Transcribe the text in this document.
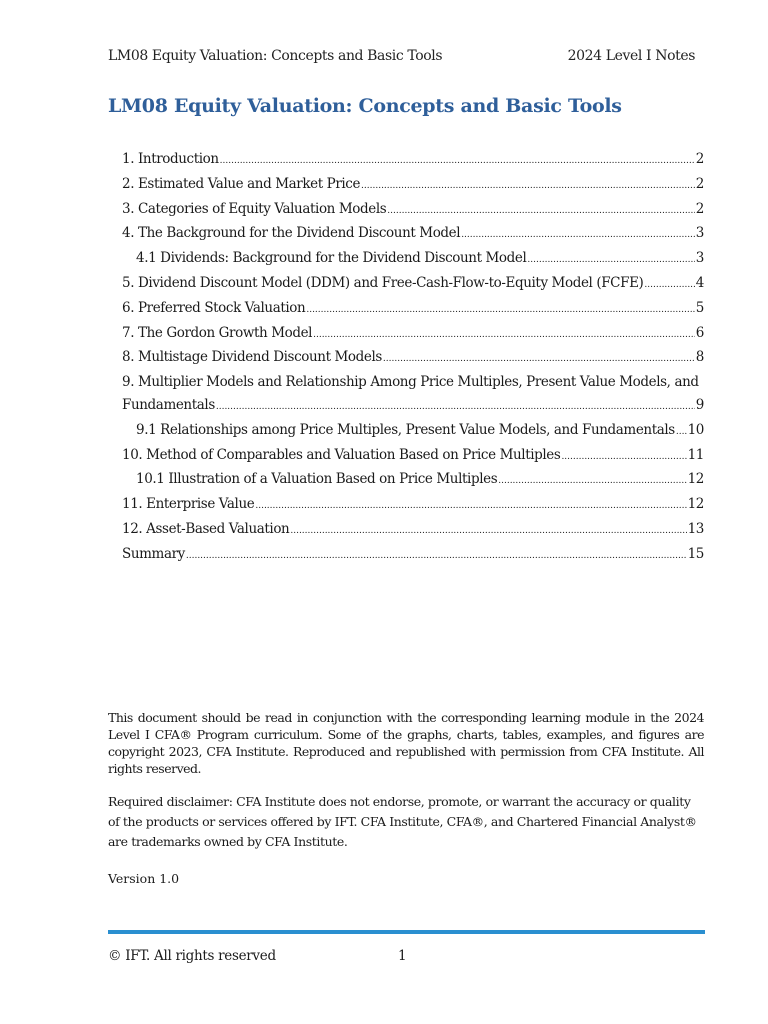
LM08 Equity Valuation: Concepts and Basic Tools	2024 Level I Notes
LM08 Equity Valuation: Concepts and Basic Tools
1. Introduction .....	2
2. Estimated Value and Market Price .....	2
3. Categories of Equity Valuation Models .....	2
4. The Background for the Dividend Discount Model .....	3
4.1 Dividends: Background for the Dividend Discount Model .....	3
5. Dividend Discount Model (DDM) and Free-Cash-Flow-to-Equity Model (FCFE) .....	4
6. Preferred Stock Valuation .....	5
7. The Gordon Growth Model .....	6
8. Multistage Dividend Discount Models .....	8
9. Multiplier Models and Relationship Among Price Multiples, Present Value Models, and
Fundamentals .....	9
9.1 Relationships among Price Multiples, Present Value Models, and Fundamentals ..... 10
10. Method of Comparables and Valuation Based on Price Multiples .....	11
10.1 Illustration of a Valuation Based on Price Multiples .....	12
11. Enterprise Value .....	12
12. Asset-Based Valuation .....	13
Summary .....	15
This document should be read in conjunction with the corresponding learning module in the 2024 Level I CFA® Program curriculum. Some of the graphs, charts, tables, examples, and figures are copyright 2023, CFA Institute. Reproduced and republished with permission from CFA Institute. All rights reserved.
Required disclaimer: CFA Institute does not endorse, promote, or warrant the accuracy or quality of the products or services offered by IFT. CFA Institute, CFA®, and Chartered Financial Analyst® are trademarks owned by CFA Institute.
Version 1.0
© IFT. All rights reserved	1
